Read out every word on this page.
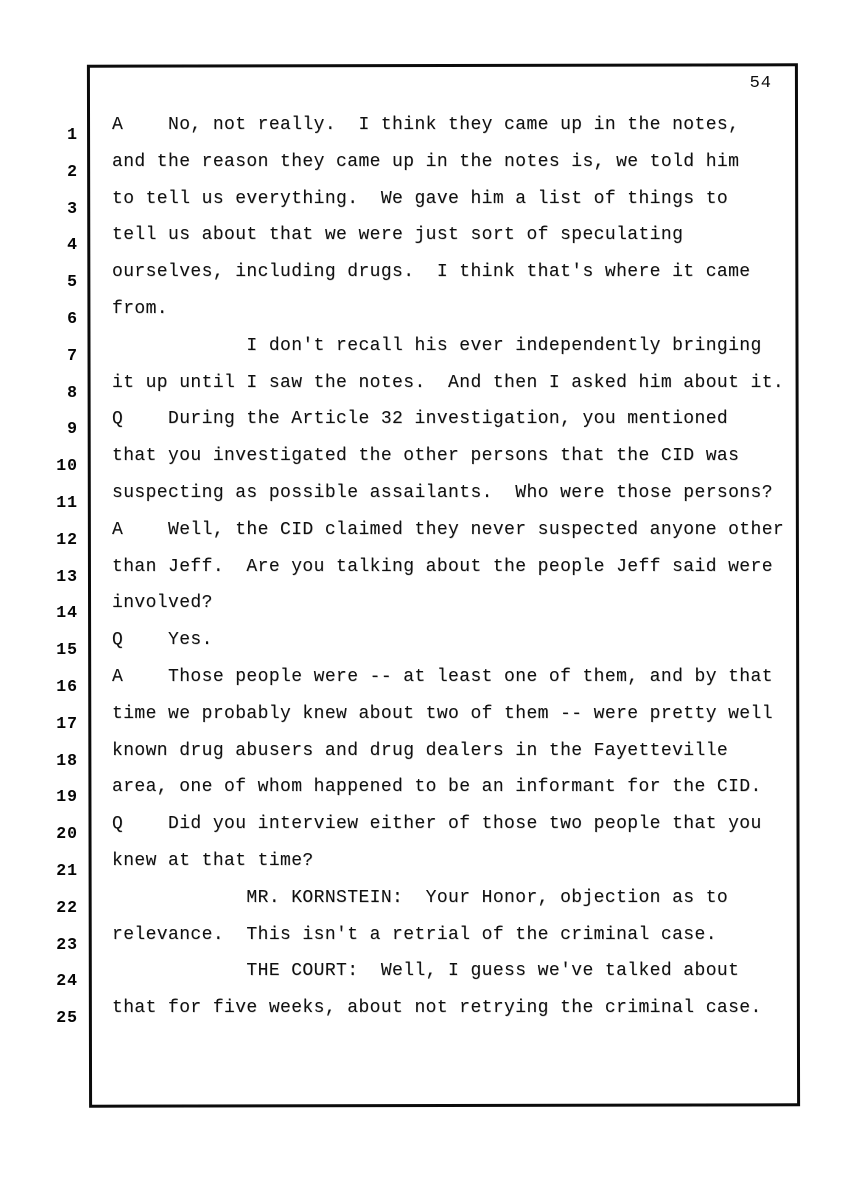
54
1
2
3
4
5
6
7
8
9
10
11
12
13
14
15
16
17
18
19
20
21
22
23
24
25
A    No, not really.  I think they came up in the notes,
and the reason they came up in the notes is, we told him
to tell us everything.  We gave him a list of things to
tell us about that we were just sort of speculating
ourselves, including drugs.  I think that's where it came
from.
I don't recall his ever independently bringing
it up until I saw the notes.  And then I asked him about it.
Q    During the Article 32 investigation, you mentioned
that you investigated the other persons that the CID was
suspecting as possible assailants.  Who were those persons?
A    Well, the CID claimed they never suspected anyone other
than Jeff.  Are you talking about the people Jeff said were
involved?
Q    Yes.
A    Those people were -- at least one of them, and by that
time we probably knew about two of them -- were pretty well
known drug abusers and drug dealers in the Fayetteville
area, one of whom happened to be an informant for the CID.
Q    Did you interview either of those two people that you
knew at that time?
MR. KORNSTEIN:  Your Honor, objection as to
relevance.  This isn't a retrial of the criminal case.
THE COURT:  Well, I guess we've talked about
that for five weeks, about not retrying the criminal case.
